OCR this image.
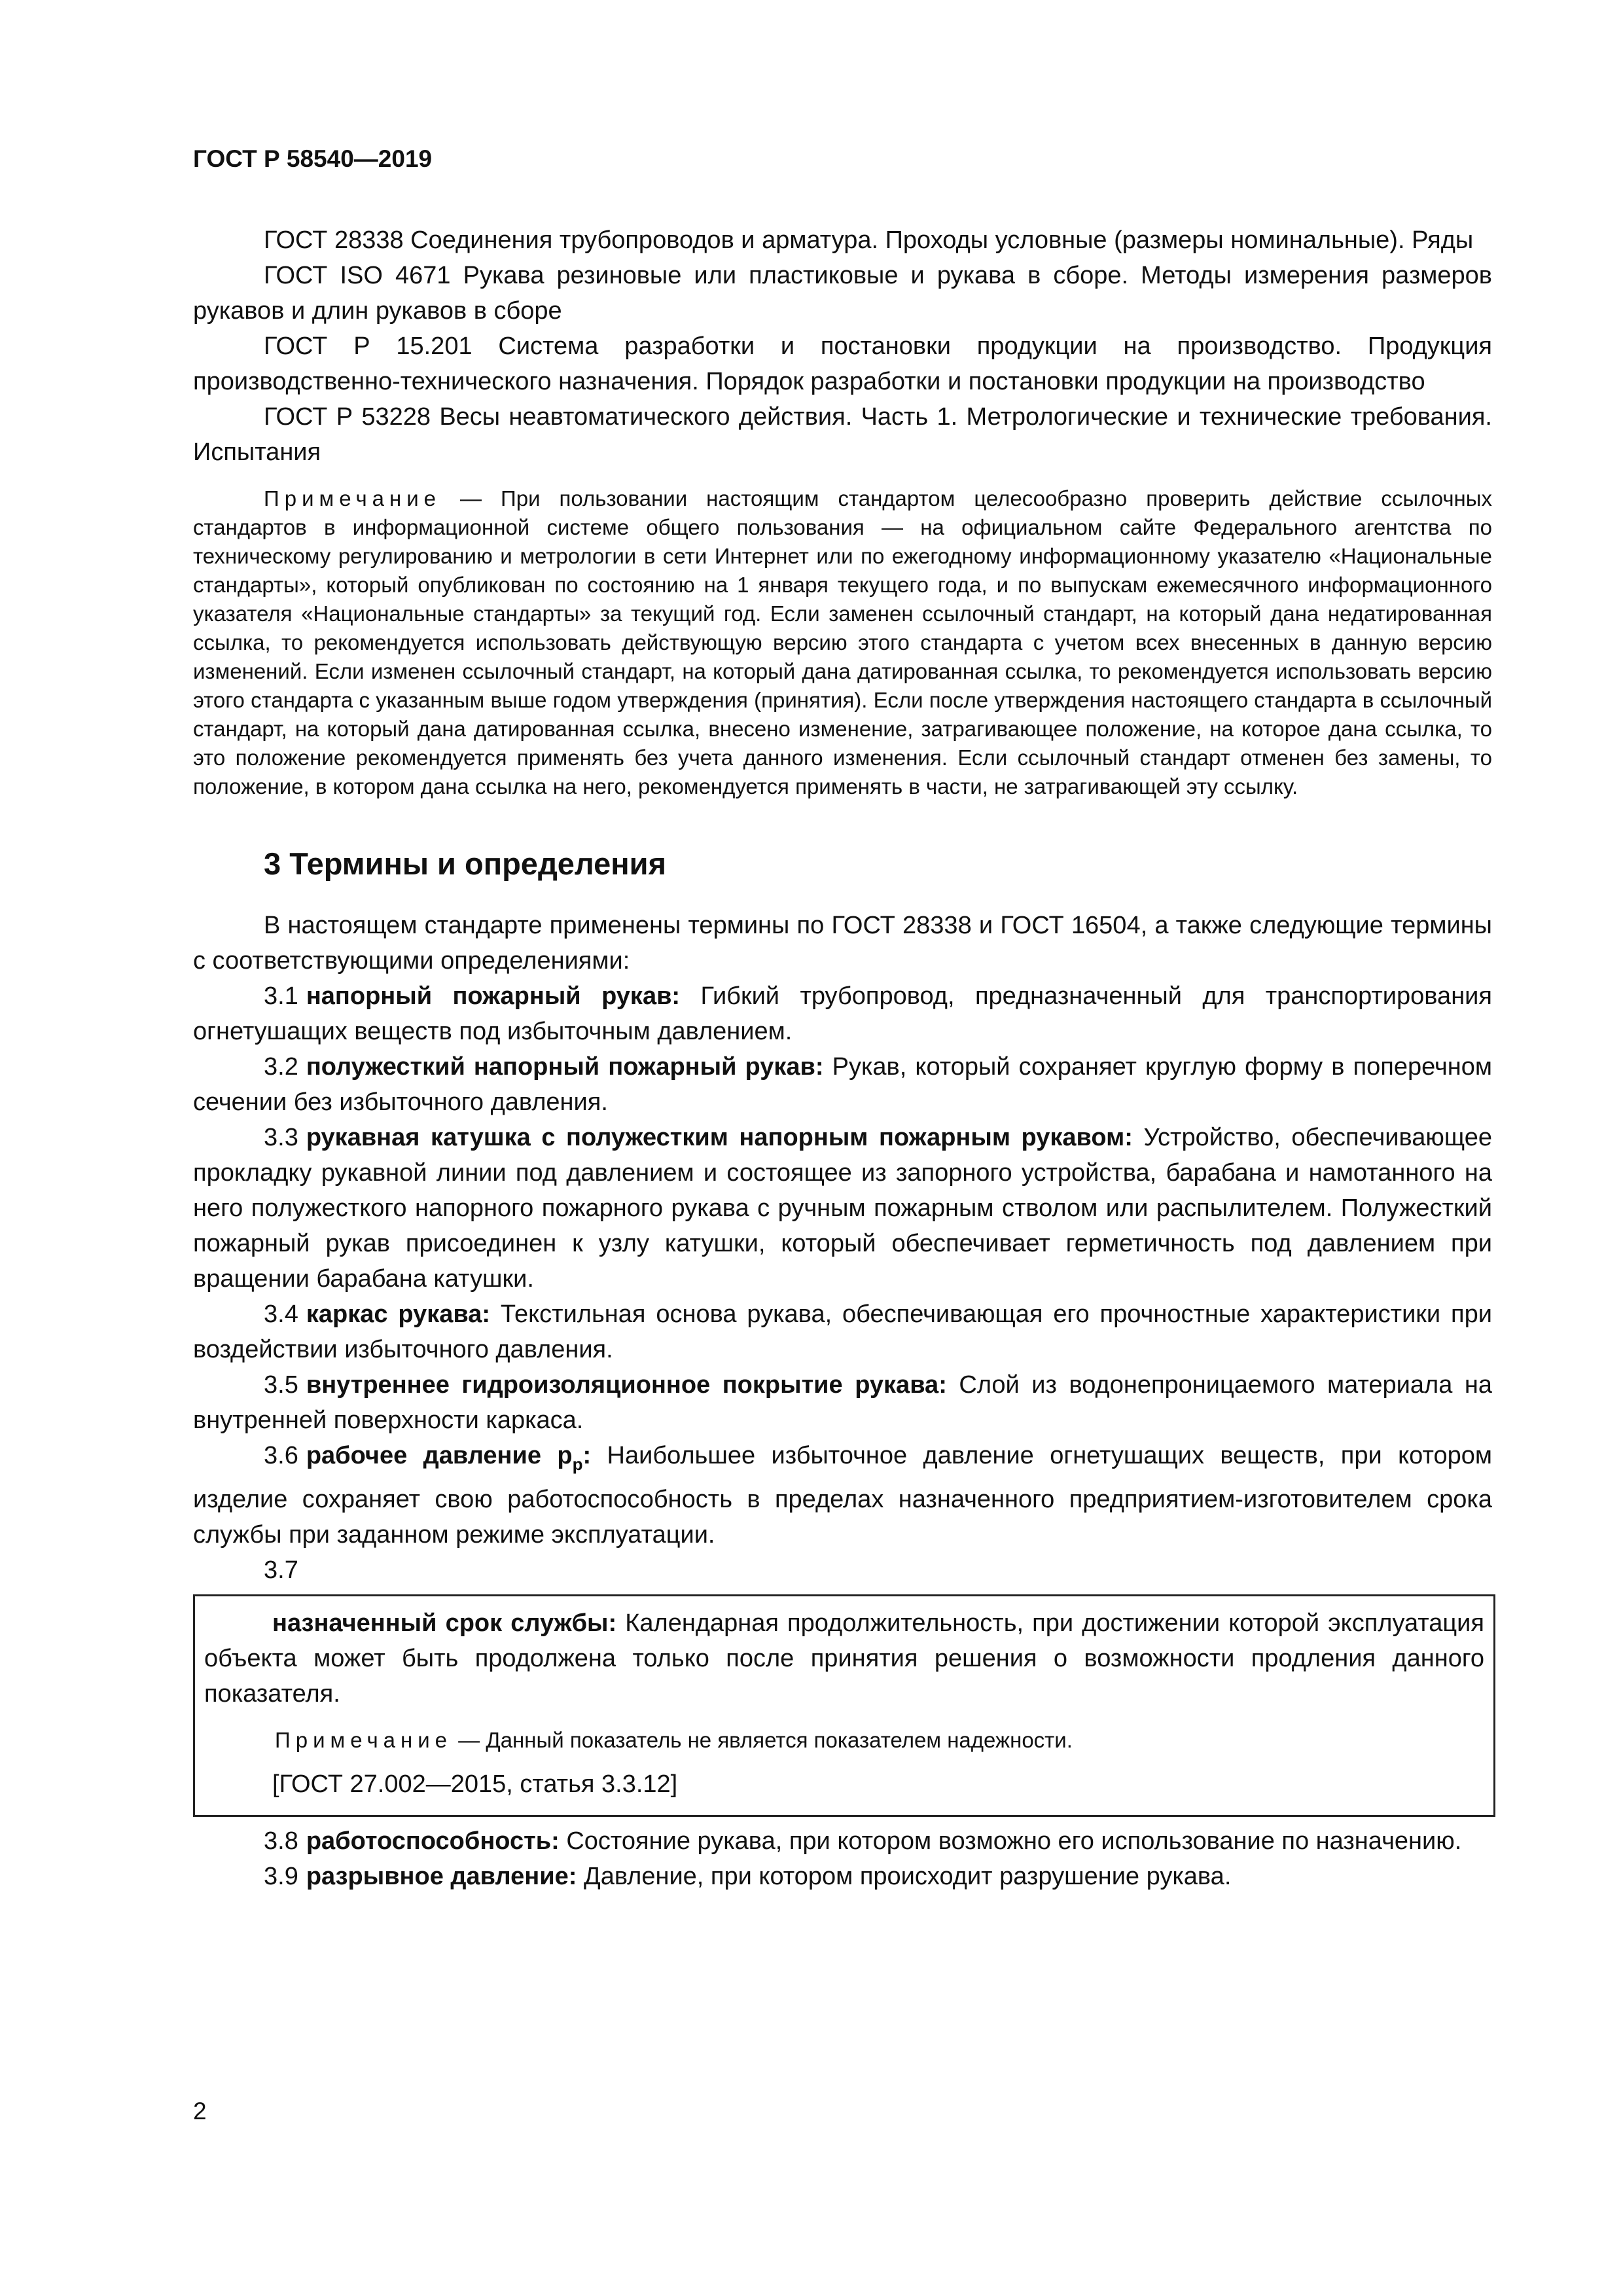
ГОСТ Р 58540—2019

ГОСТ 28338 Соединения трубопроводов и арматура. Проходы условные (размеры номинальные). Ряды

ГОСТ ISO 4671 Рукава резиновые или пластиковые и рукава в сборе. Методы измерения размеров рукавов и длин рукавов в сборе

ГОСТ Р 15.201 Система разработки и постановки продукции на производство. Продукция производственно-технического назначения. Порядок разработки и постановки продукции на производство

ГОСТ Р 53228 Весы неавтоматического действия. Часть 1. Метрологические и технические требования. Испытания

Примечание — При пользовании настоящим стандартом целесообразно проверить действие ссылочных стандартов в информационной системе общего пользования — на официальном сайте Федерального агентства по техническому регулированию и метрологии в сети Интернет или по ежегодному информационному указателю «Национальные стандарты», который опубликован по состоянию на 1 января текущего года, и по выпускам ежемесячного информационного указателя «Национальные стандарты» за текущий год. Если заменен ссылочный стандарт, на который дана недатированная ссылка, то рекомендуется использовать действующую версию этого стандарта с учетом всех внесенных в данную версию изменений. Если изменен ссылочный стандарт, на который дана датированная ссылка, то рекомендуется использовать версию этого стандарта с указанным выше годом утверждения (принятия). Если после утверждения настоящего стандарта в ссылочный стандарт, на который дана датированная ссылка, внесено изменение, затрагивающее положение, на которое дана ссылка, то это положение рекомендуется применять без учета данного изменения. Если ссылочный стандарт отменен без замены, то положение, в котором дана ссылка на него, рекомендуется применять в части, не затрагивающей эту ссылку.

3 Термины и определения

В настоящем стандарте применены термины по ГОСТ 28338 и ГОСТ 16504, а также следующие термины с соответствующими определениями:

3.1 напорный пожарный рукав: Гибкий трубопровод, предназначенный для транспортирования огнетушащих веществ под избыточным давлением.

3.2 полужесткий напорный пожарный рукав: Рукав, который сохраняет круглую форму в поперечном сечении без избыточного давления.

3.3 рукавная катушка с полужестким напорным пожарным рукавом: Устройство, обеспечивающее прокладку рукавной линии под давлением и состоящее из запорного устройства, барабана и намотанного на него полужесткого напорного пожарного рукава с ручным пожарным стволом или распылителем. Полужесткий пожарный рукав присоединен к узлу катушки, который обеспечивает герметичность под давлением при вращении барабана катушки.

3.4 каркас рукава: Текстильная основа рукава, обеспечивающая его прочностные характеристики при воздействии избыточного давления.

3.5 внутреннее гидроизоляционное покрытие рукава: Слой из водонепроницаемого материала на внутренней поверхности каркаса.

3.6 рабочее давление $p_р$: Наибольшее избыточное давление огнетушащих веществ, при котором изделие сохраняет свою работоспособность в пределах назначенного предприятием-изготовителем срока службы при заданном режиме эксплуатации.

3.7

назначенный срок службы: Календарная продолжительность, при достижении которой эксплуатация объекта может быть продолжена только после принятия решения о возможности продления данного показателя.

Примечание — Данный показатель не является показателем надежности.

[ГОСТ 27.002—2015, статья 3.3.12]

3.8 работоспособность: Состояние рукава, при котором возможно его использование по назначению.

3.9 разрывное давление: Давление, при котором происходит разрушение рукава.

2
